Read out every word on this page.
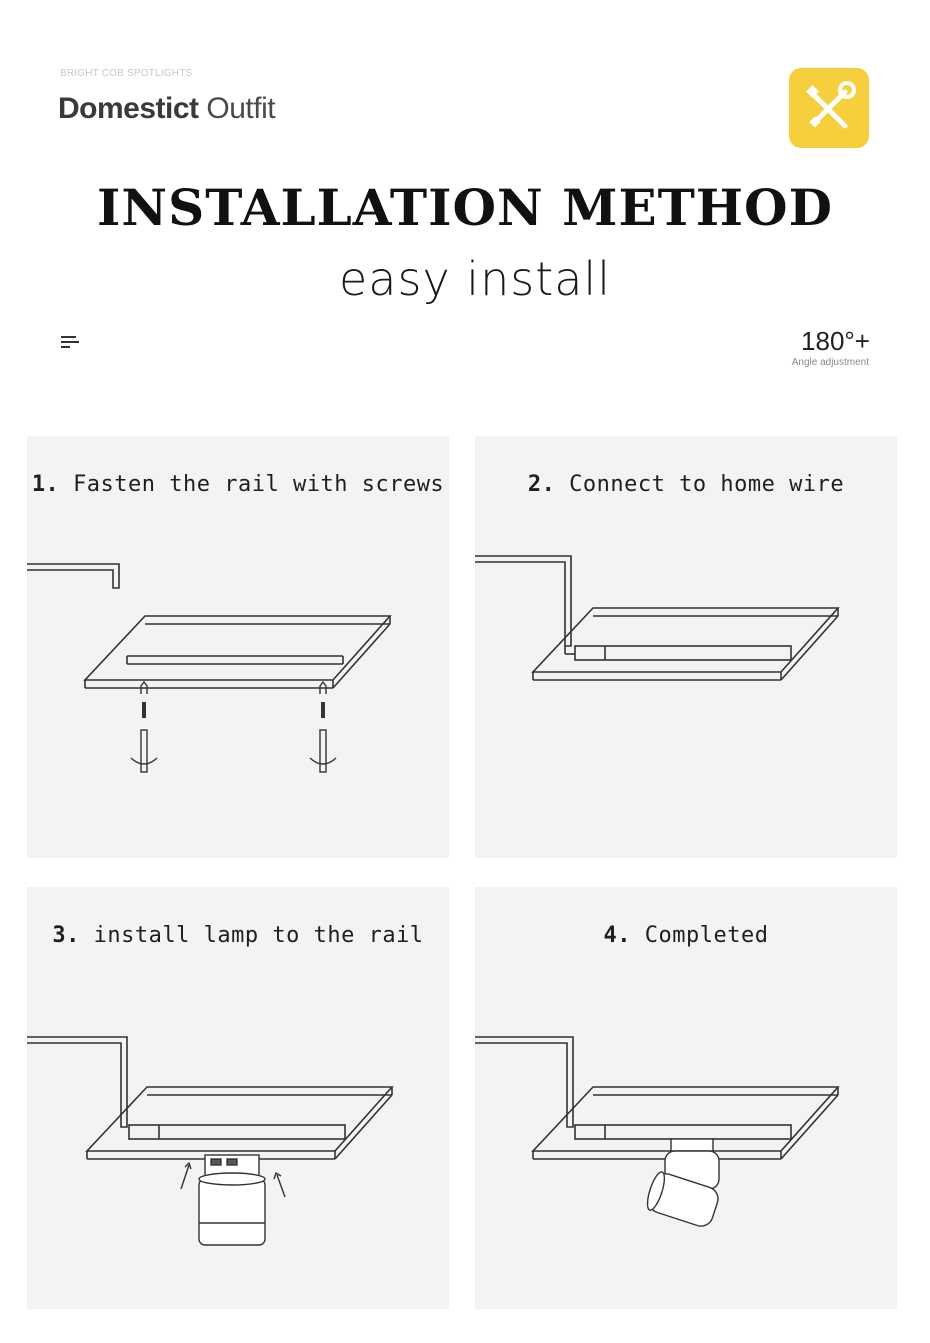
BRIGHT COB SPOTLIGHTS
Domestict Outfit
INSTALLATION METHOD
easy install
180°+
Angle adjustment
1. Fasten the rail with screws	2. Connect to home wire
3. install lamp to the rail	4. Completed
